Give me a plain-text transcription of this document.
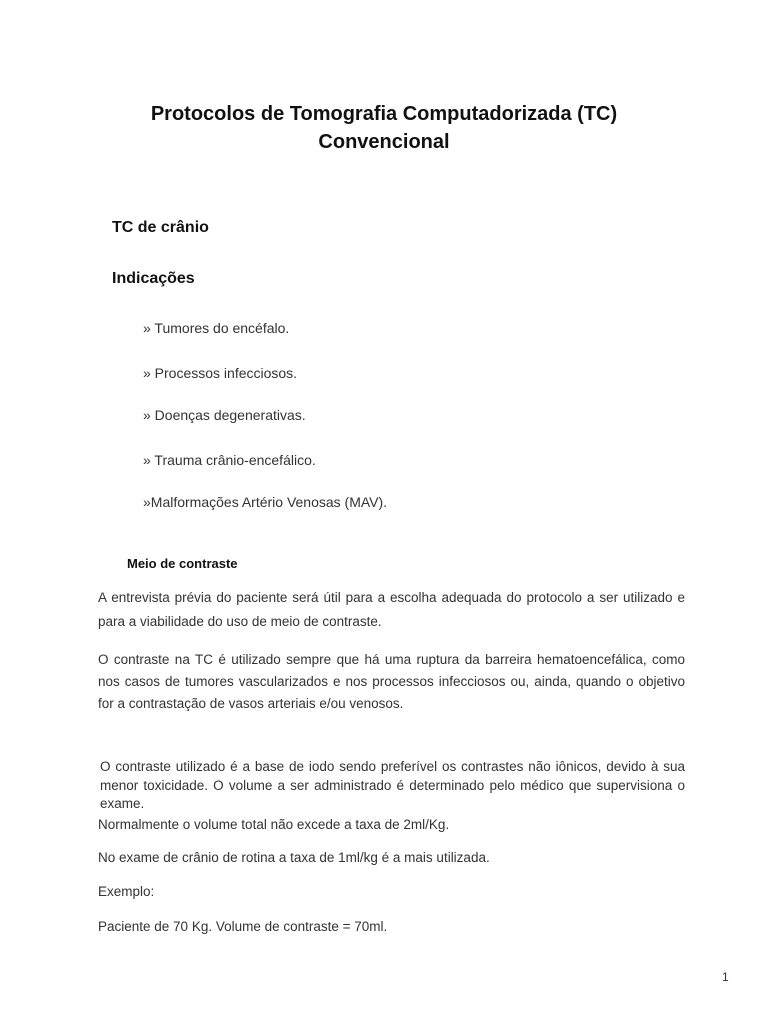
Protocolos de Tomografia Computadorizada (TC)
Convencional
TC de crânio
Indicações
» Tumores do encéfalo.
» Processos infecciosos.
» Doenças degenerativas.
» Trauma crânio-encefálico.
»Malformações Artério Venosas (MAV).
Meio de contraste
A entrevista prévia do paciente será útil para a escolha adequada do protocolo a ser utilizado e para a viabilidade do uso de meio de contraste.
O contraste na TC é utilizado sempre que há uma ruptura da barreira hematoencefálica, como nos casos de tumores vascularizados e nos processos infecciosos ou, ainda, quando o objetivo for a contrastação de vasos arteriais e/ou venosos.
O contraste utilizado é a base de iodo sendo preferível os contrastes não iônicos, devido à sua menor toxicidade. O volume a ser administrado é determinado pelo médico que supervisiona o exame.
Normalmente o volume total não excede a taxa de 2ml/Kg.
No exame de crânio de rotina a taxa de 1ml/kg é a mais utilizada.
Exemplo:
Paciente de 70 Kg. Volume de contraste = 70ml.
1
